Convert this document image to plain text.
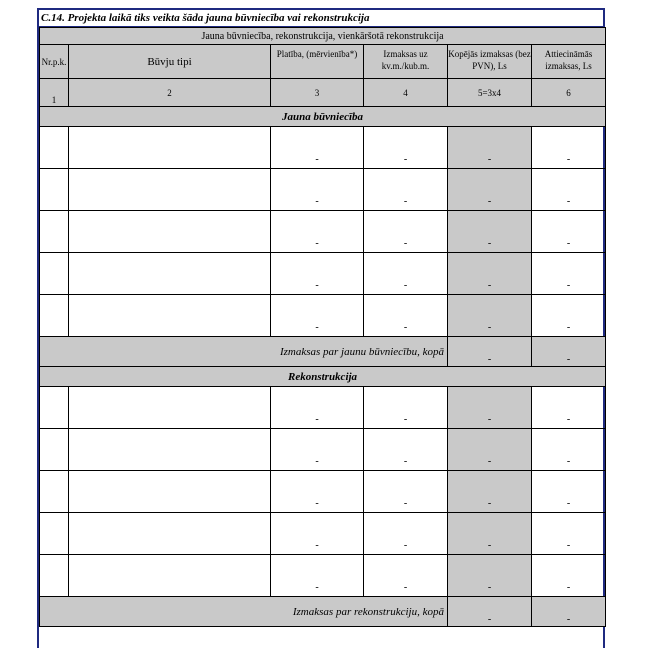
C.14. Projekta laikā tiks veikta šāda jauna būvniecība vai rekonstrukcija
Jauna būvniecība, rekonstrukcija, vienkāršotā rekonstrukcija					
Nr.p.k.	Būvju tipi	Platība, (mērvienība*)	Izmaksas uz kv.m./kub.m.	Kopējās izmaksas (bez PVN), Ls	Attiecināmās izmaksas, Ls
1	2	3	4	5=3x4	6
Jauna būvniecība					
		-	-	-	-
		-	-	-	-
		-	-	-	-
		-	-	-	-
		-	-	-	-
Izmaksas par jaunu būvniecību, kopā				-	-
Rekonstrukcija					
		-	-	-	-
		-	-	-	-
		-	-	-	-
		-	-	-	-
		-	-	-	-
Izmaksas par rekonstrukciju, kopā				-	-
